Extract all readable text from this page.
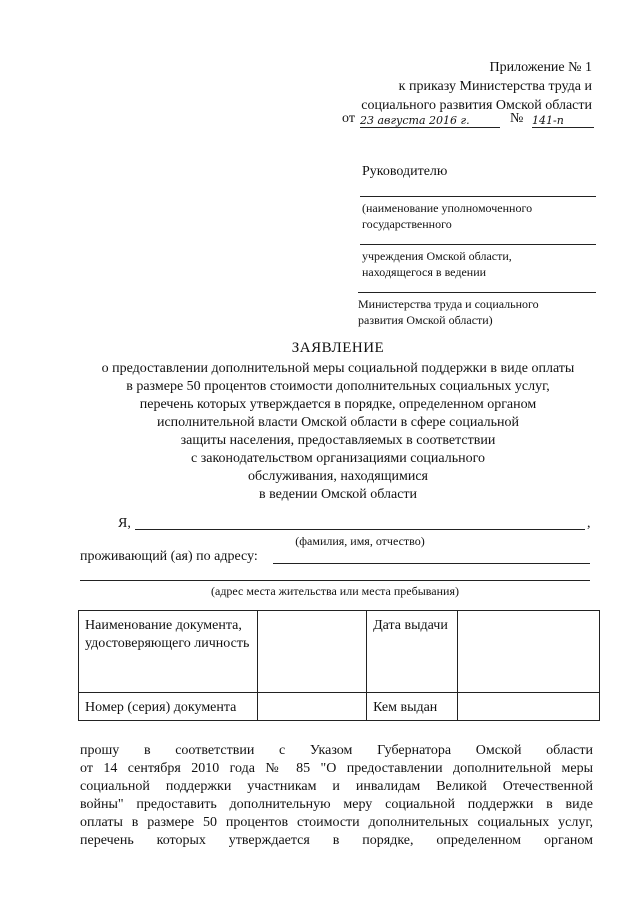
Приложение № 1
к приказу Министерства труда и
социального развития Омской области
от 23 августа 2016 г.	№ 141-п
Руководителю
(наименование уполномоченного
государственного
учреждения Омской области,
находящегося в ведении
Министерства труда и социального
развития Омской области)
ЗАЯВЛЕНИЕ
о предоставлении дополнительной меры социальной поддержки в виде оплаты
в размере 50 процентов стоимости дополнительных социальных услуг,
перечень которых утверждается в порядке, определенном органом
исполнительной власти Омской области в сфере социальной
защиты населения, предоставляемых в соответствии
с законодательством организациями социального
обслуживания, находящимися
в ведении Омской области
Я,	,
(фамилия, имя, отчество)
проживающий (ая) по адресу:
(адрес места жительства или места пребывания)
Наименование документа, удостоверяющего личность		Дата выдачи	
Номер (серия) документа		Кем выдан	
прошу в соответствии с Указом Губернатора Омской области
от 14 сентября 2010 года № 85 "О предоставлении дополнительной меры
социальной поддержки участникам и инвалидам Великой Отечественной
войны" предоставить дополнительную меру социальной поддержки в виде
оплаты в размере 50 процентов стоимости дополнительных социальных услуг,
перечень которых утверждается в порядке, определенном органом
